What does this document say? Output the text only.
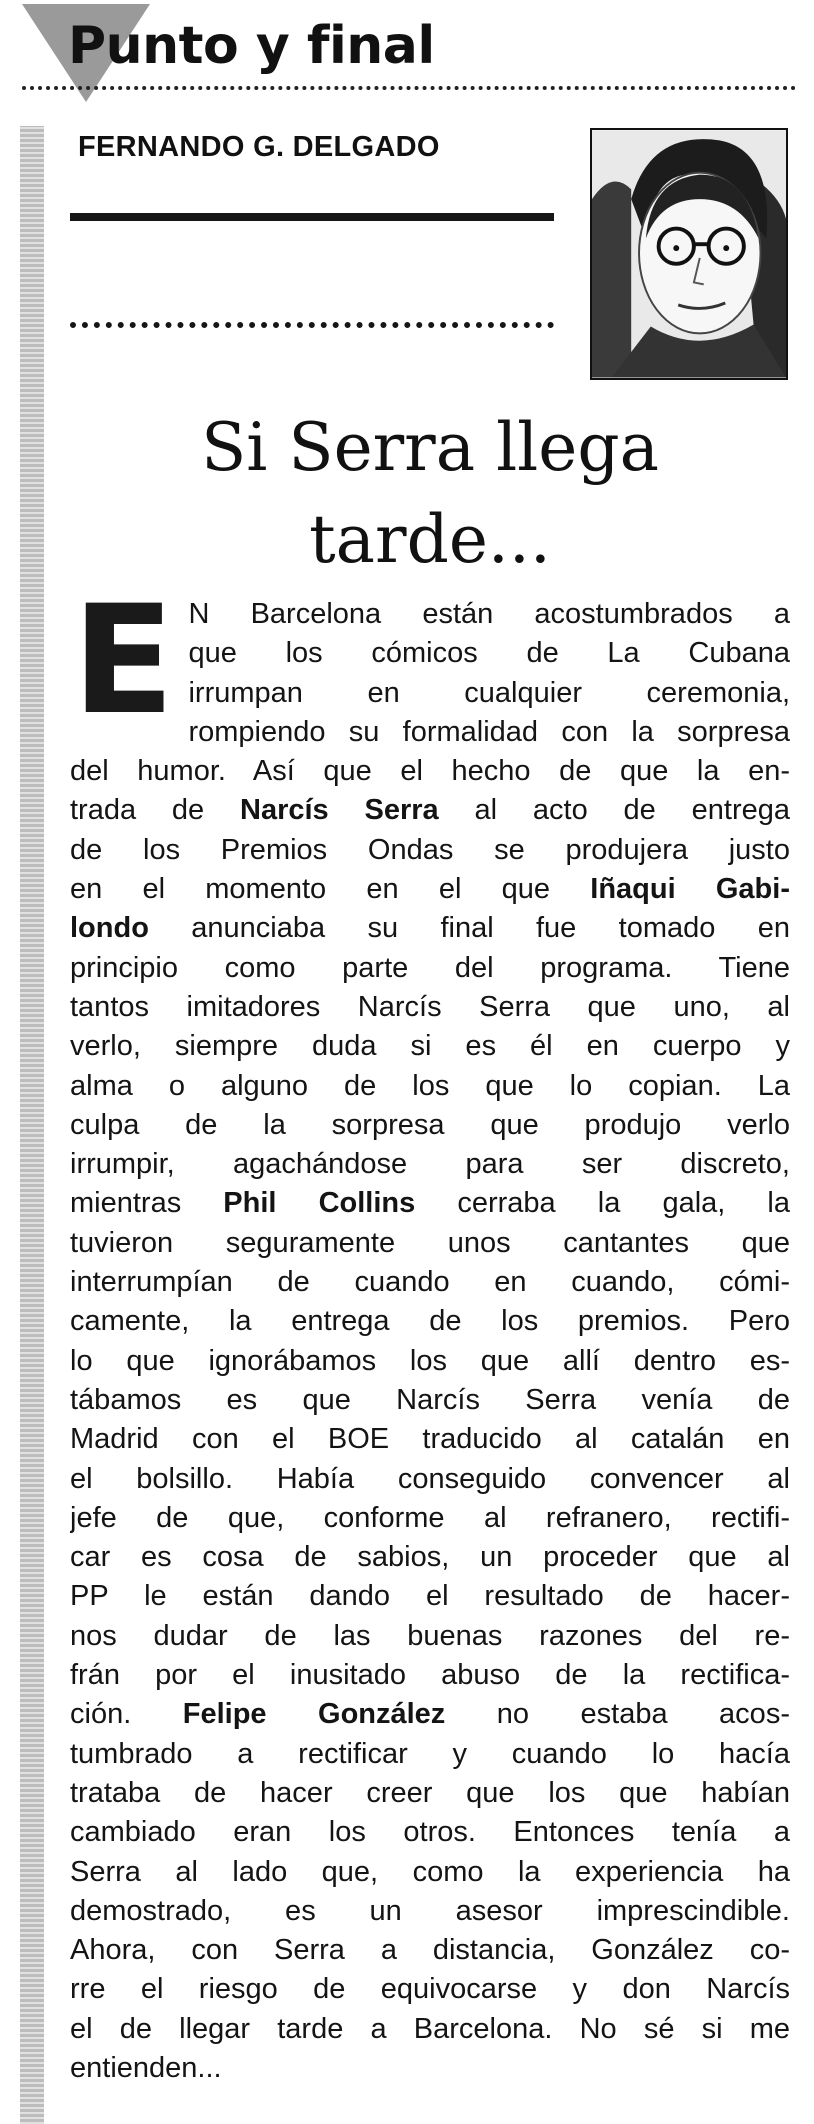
Punto y final
FERNANDO G. DELGADO
Si Serra llega
tarde...
E N Barcelona están acostumbrados a
que los cómicos de La Cubana
irrumpan en cualquier ceremonia,
rompiendo su formalidad con la sorpresa
del humor. Así que el hecho de que la en-
trada de Narcís Serra al acto de entrega
de los Premios Ondas se produjera justo
en el momento en el que Iñaqui Gabi-
londo anunciaba su final fue tomado en
principio como parte del programa. Tiene
tantos imitadores Narcís Serra que uno, al
verlo, siempre duda si es él en cuerpo y
alma o alguno de los que lo copian. La
culpa de la sorpresa que produjo verlo
irrumpir, agachándose para ser discreto,
mientras Phil Collins cerraba la gala, la
tuvieron seguramente unos cantantes que
interrumpían de cuando en cuando, cómi-
camente, la entrega de los premios. Pero
lo que ignorábamos los que allí dentro es-
tábamos es que Narcís Serra venía de
Madrid con el BOE traducido al catalán en
el bolsillo. Había conseguido convencer al
jefe de que, conforme al refranero, rectifi-
car es cosa de sabios, un proceder que al
PP le están dando el resultado de hacer-
nos dudar de las buenas razones del re-
frán por el inusitado abuso de la rectifica-
ción. Felipe González no estaba acos-
tumbrado a rectificar y cuando lo hacía
trataba de hacer creer que los que habían
cambiado eran los otros. Entonces tenía a
Serra al lado que, como la experiencia ha
demostrado, es un asesor imprescindible.
Ahora, con Serra a distancia, González co-
rre el riesgo de equivocarse y don Narcís
el de llegar tarde a Barcelona. No sé si me
entienden...
